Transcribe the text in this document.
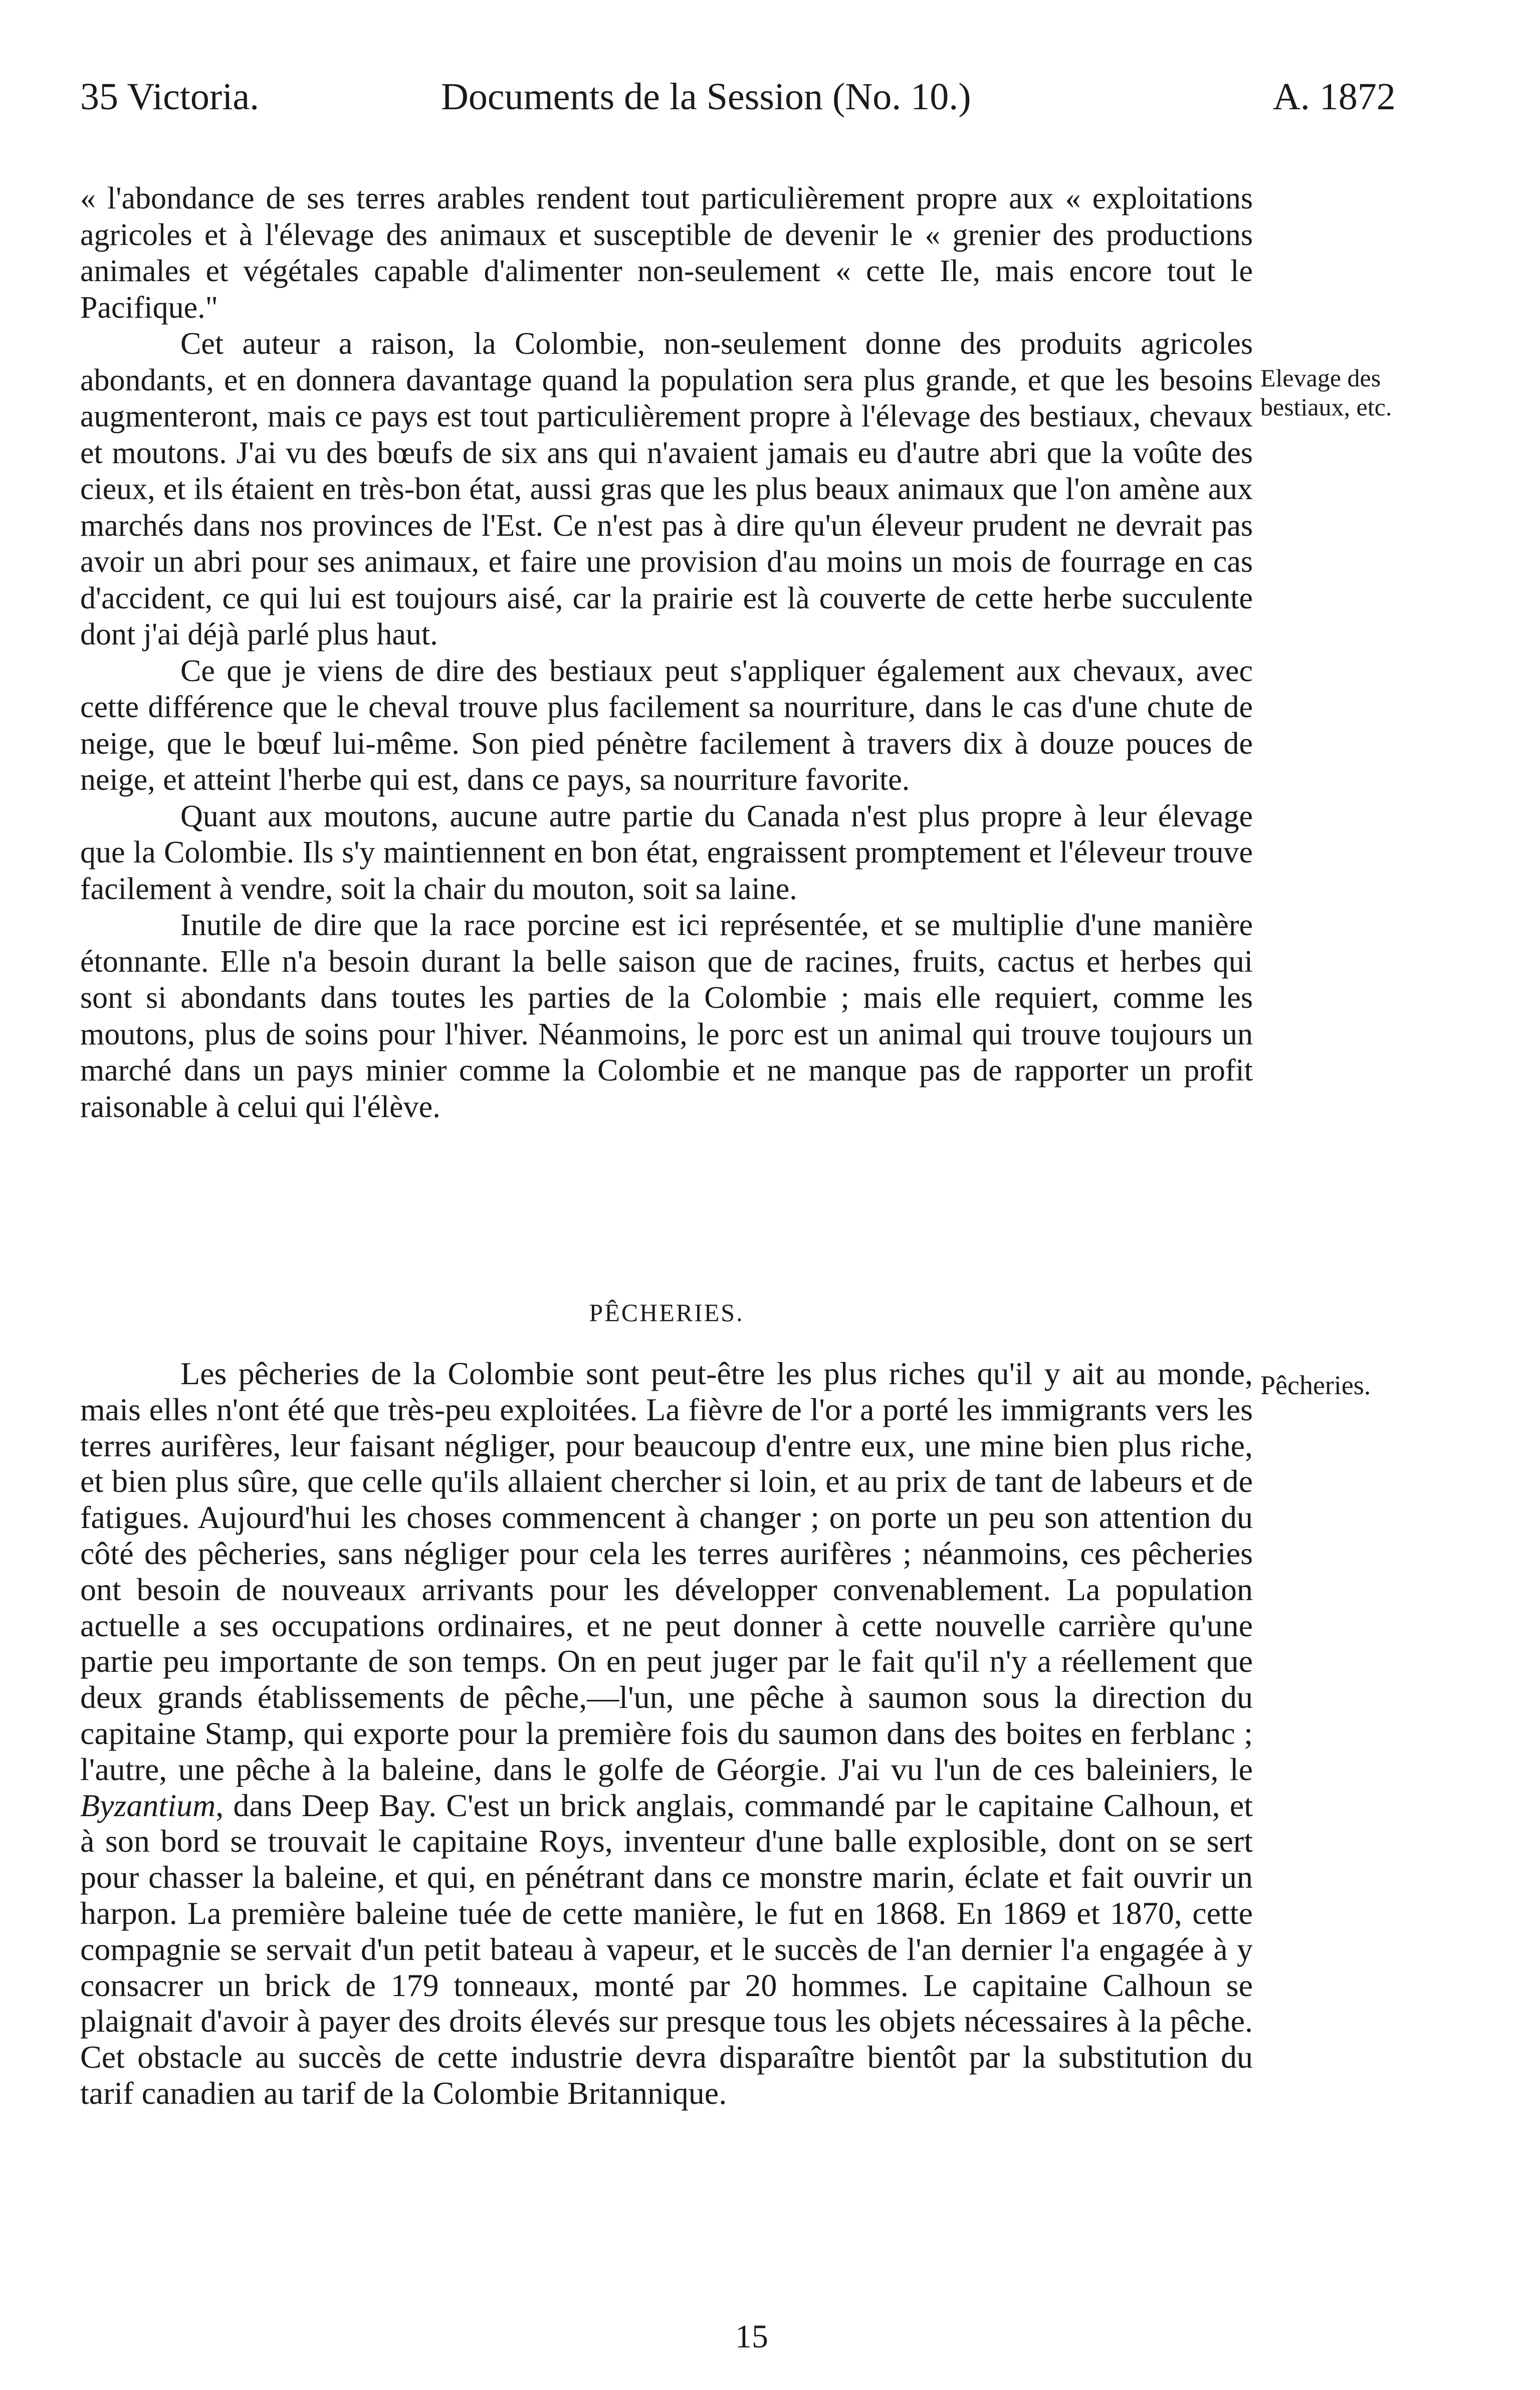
35 Victoria.	Documents de la Session (No. 10.)	A. 1872

« l'abondance de ses terres arables rendent tout particulièrement propre aux « exploitations agricoles et à l'élevage des animaux et susceptible de devenir le « grenier des productions animales et végétales capable d'alimenter non-seulement « cette Ile, mais encore tout le Pacifique."

Cet auteur a raison, la Colombie, non-seulement donne des produits agricoles abondants, et en donnera davantage quand la population sera plus grande, et que les besoins augmenteront, mais ce pays est tout particulièrement propre à l'élevage des bestiaux, chevaux et moutons. J'ai vu des bœufs de six ans qui n'avaient jamais eu d'autre abri que la voûte des cieux, et ils étaient en très-bon état, aussi gras que les plus beaux animaux que l'on amène aux marchés dans nos provinces de l'Est. Ce n'est pas à dire qu'un éleveur prudent ne devrait pas avoir un abri pour ses animaux, et faire une provision d'au moins un mois de fourrage en cas d'accident, ce qui lui est toujours aisé, car la prairie est là couverte de cette herbe succulente dont j'ai déjà parlé plus haut.

Ce que je viens de dire des bestiaux peut s'appliquer également aux chevaux, avec cette différence que le cheval trouve plus facilement sa nourriture, dans le cas d'une chute de neige, que le bœuf lui-même. Son pied pénètre facilement à travers dix à douze pouces de neige, et atteint l'herbe qui est, dans ce pays, sa nourriture favorite.

Quant aux moutons, aucune autre partie du Canada n'est plus propre à leur élevage que la Colombie. Ils s'y maintiennent en bon état, engraissent promptement et l'éleveur trouve facilement à vendre, soit la chair du mouton, soit sa laine.

Inutile de dire que la race porcine est ici représentée, et se multiplie d'une manière étonnante. Elle n'a besoin durant la belle saison que de racines, fruits, cactus et herbes qui sont si abondants dans toutes les parties de la Colombie ; mais elle requiert, comme les moutons, plus de soins pour l'hiver. Néanmoins, le porc est un animal qui trouve toujours un marché dans un pays minier comme la Colombie et ne manque pas de rapporter un profit raisonable à celui qui l'élève.

Elevage des
bestiaux, etc.
PÊCHERIES.

Les pêcheries de la Colombie sont peut-être les plus riches qu'il y ait au monde, mais elles n'ont été que très-peu exploitées. La fièvre de l'or a porté les immigrants vers les terres aurifères, leur faisant négliger, pour beaucoup d'entre eux, une mine bien plus riche, et bien plus sûre, que celle qu'ils allaient chercher si loin, et au prix de tant de labeurs et de fatigues. Aujourd'hui les choses commencent à changer ; on porte un peu son attention du côté des pêcheries, sans négliger pour cela les terres aurifères ; néanmoins, ces pêcheries ont besoin de nouveaux arrivants pour les développer convenablement. La population actuelle a ses occupations ordinaires, et ne peut donner à cette nouvelle carrière qu'une partie peu importante de son temps. On en peut juger par le fait qu'il n'y a réellement que deux grands établissements de pêche,—l'un, une pêche à saumon sous la direction du capitaine Stamp, qui exporte pour la première fois du saumon dans des boites en ferblanc ; l'autre, une pêche à la baleine, dans le golfe de Géorgie. J'ai vu l'un de ces baleiniers, le Byzantium, dans Deep Bay. C'est un brick anglais, commandé par le capitaine Calhoun, et à son bord se trouvait le capitaine Roys, inventeur d'une balle explosible, dont on se sert pour chasser la baleine, et qui, en pénétrant dans ce monstre marin, éclate et fait ouvrir un harpon. La première baleine tuée de cette manière, le fut en 1868. En 1869 et 1870, cette compagnie se servait d'un petit bateau à vapeur, et le succès de l'an dernier l'a engagée à y consacrer un brick de 179 tonneaux, monté par 20 hommes. Le capitaine Calhoun se plaignait d'avoir à payer des droits élevés sur presque tous les objets nécessaires à la pêche. Cet obstacle au succès de cette industrie devra disparaître bientôt par la substitution du tarif canadien au tarif de la Colombie Britannique.

Pêcheries.
15
